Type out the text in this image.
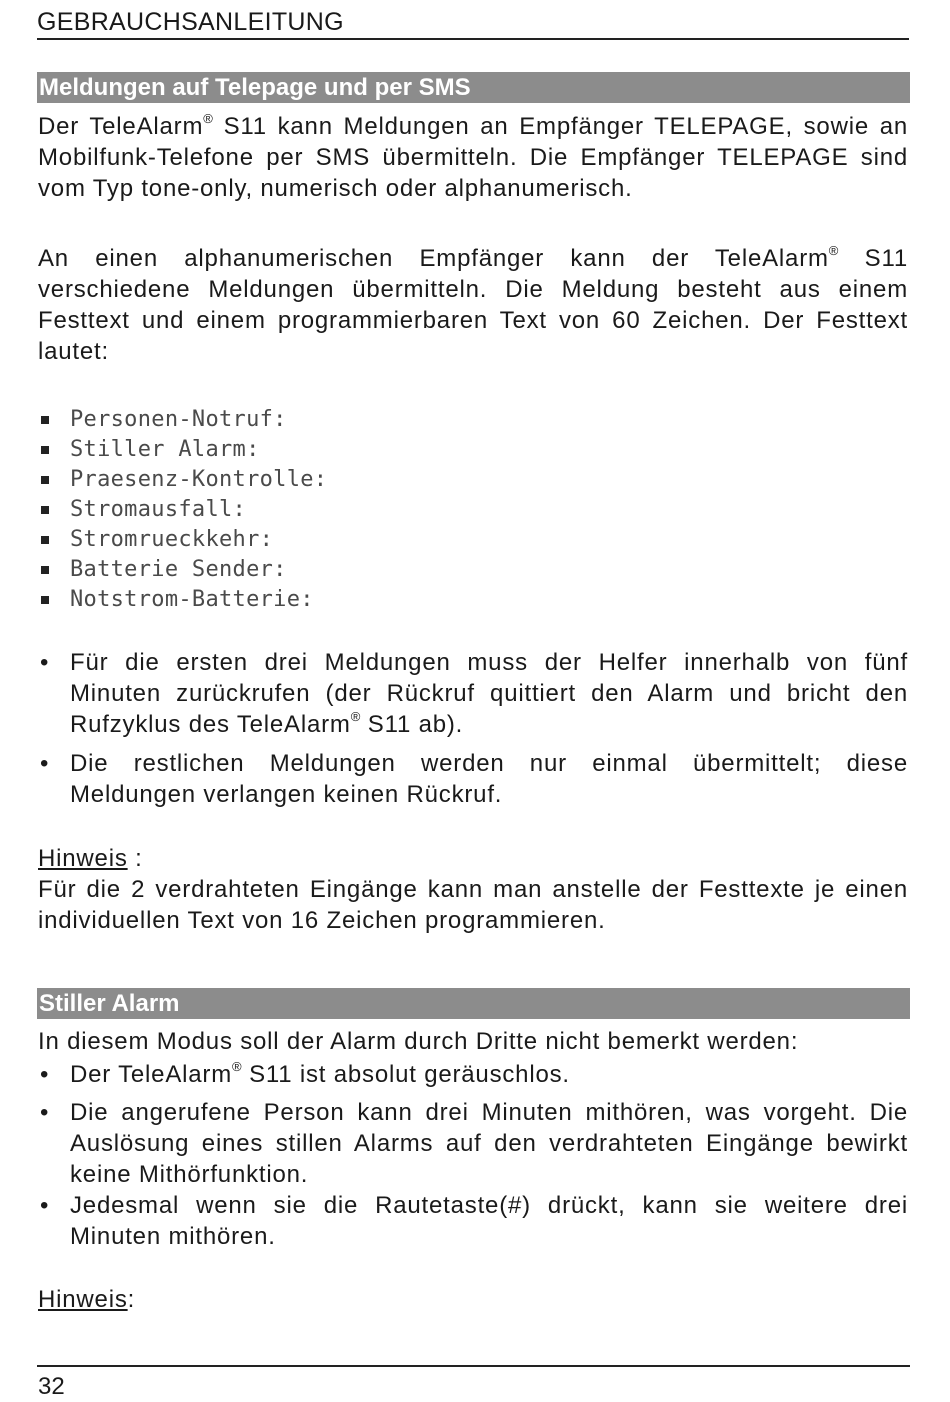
GEBRAUCHSANLEITUNG
Meldungen auf Telepage und per SMS
Der TeleAlarm® S11 kann Meldungen an Empfänger TELEPAGE, sowie an Mobilfunk-Telefone per SMS übermitteln. Die Empfänger TELEPAGE sind vom Typ tone-only, numerisch oder alphanumerisch.
An einen alphanumerischen Empfänger kann der TeleAlarm® S11 verschiedene Meldungen übermitteln. Die Meldung besteht aus einem Festtext und einem programmierbaren Text von 60 Zeichen. Der Festtext lautet:
Personen-Notruf:
Stiller Alarm:
Praesenz-Kontrolle:
Stromausfall:
Stromrueckkehr:
Batterie Sender:
Notstrom-Batterie:
• Für die ersten drei Meldungen muss der Helfer innerhalb von fünf Minuten zurückrufen (der Rückruf quittiert den Alarm und bricht den Rufzyklus des TeleAlarm® S11 ab).
• Die restlichen Meldungen werden nur einmal übermittelt; diese Meldungen verlangen keinen Rückruf.
Hinweis :
Für die 2 verdrahteten Eingänge kann man anstelle der Festtexte je einen individuellen Text von 16 Zeichen programmieren.
Stiller Alarm
In diesem Modus soll der Alarm durch Dritte nicht bemerkt werden:
• Der TeleAlarm® S11 ist absolut geräuschlos.
• Die angerufene Person kann drei Minuten mithören, was vorgeht. Die Auslösung eines stillen Alarms auf den verdrahteten Eingänge bewirkt keine Mithörfunktion.
• Jedesmal wenn sie die Rautetaste(#) drückt, kann sie weitere drei Minuten mithören.
Hinweis:
32
